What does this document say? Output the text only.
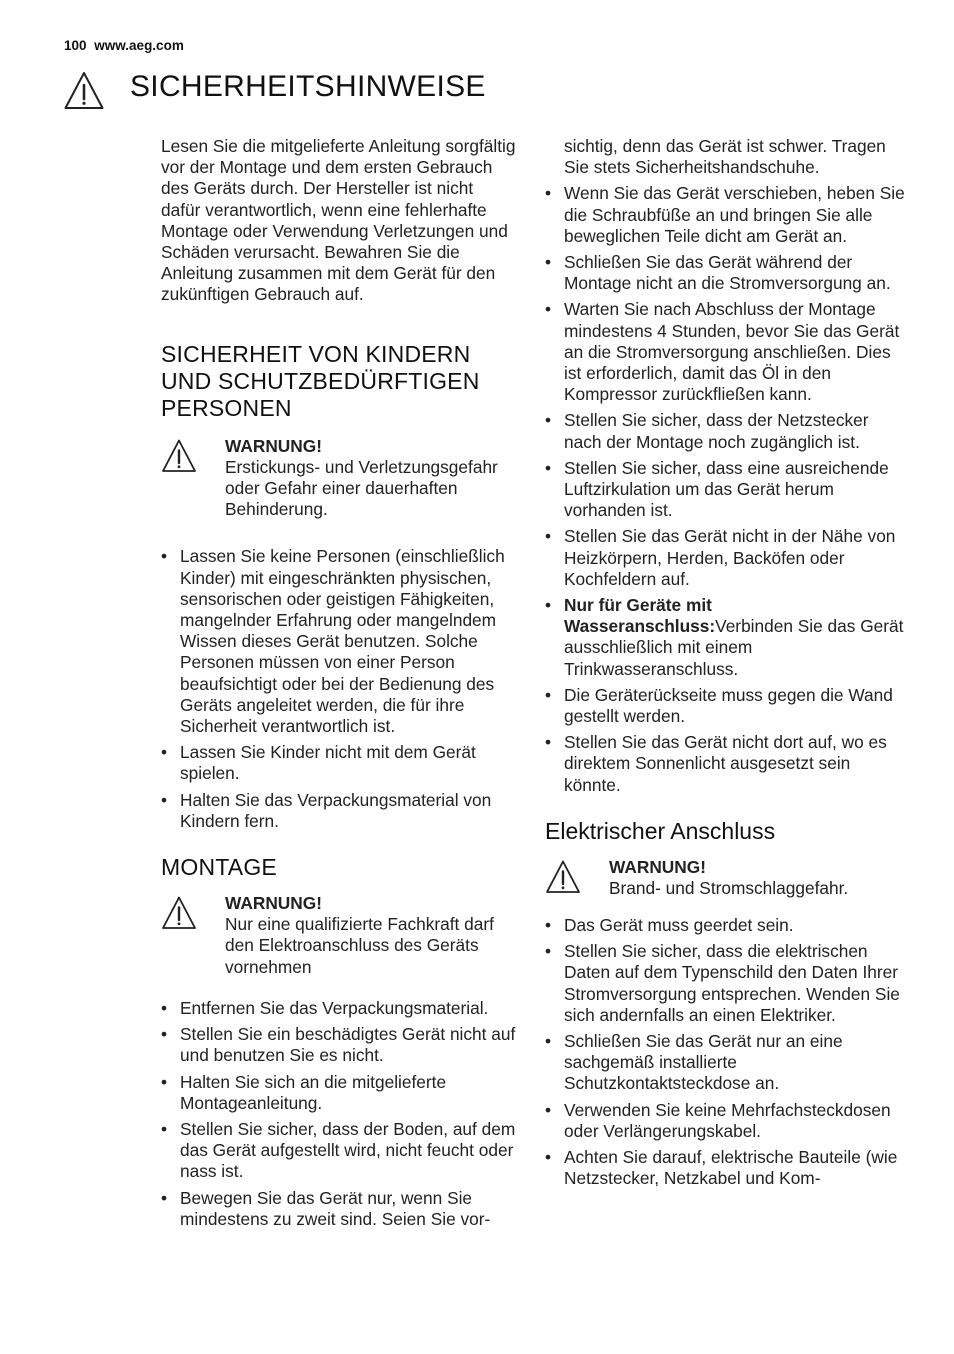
100 www.aeg.com
SICHERHEITSHINWEISE

Lesen Sie die mitgelieferte Anleitung sorgfältig vor der Montage und dem ersten Gebrauch des Geräts durch. Der Hersteller ist nicht dafür verantwortlich, wenn eine fehlerhafte Montage oder Verwendung Verletzungen und Schäden verursacht. Bewahren Sie die Anleitung zusammen mit dem Gerät für den zukünftigen Gebrauch auf.

SICHERHEIT VON KINDERN UND SCHUTZBEDÜRFTIGEN PERSONEN
WARNUNG!
Erstickungs- und Verletzungsgefahr oder Gefahr einer dauerhaften Behinderung.
• Lassen Sie keine Personen (einschließlich Kinder) mit eingeschränkten physischen, sensorischen oder geistigen Fähigkeiten, mangelnder Erfahrung oder mangelndem Wissen dieses Gerät benutzen. Solche Personen müssen von einer Person beaufsichtigt oder bei der Bedienung des Geräts angeleitet werden, die für ihre Sicherheit verantwortlich ist.
• Lassen Sie Kinder nicht mit dem Gerät spielen.
• Halten Sie das Verpackungsmaterial von Kindern fern.
MONTAGE
WARNUNG!
Nur eine qualifizierte Fachkraft darf den Elektroanschluss des Geräts vornehmen
• Entfernen Sie das Verpackungsmaterial.
• Stellen Sie ein beschädigtes Gerät nicht auf und benutzen Sie es nicht.
• Halten Sie sich an die mitgelieferte Montageanleitung.
• Stellen Sie sicher, dass der Boden, auf dem das Gerät aufgestellt wird, nicht feucht oder nass ist.
• Bewegen Sie das Gerät nur, wenn Sie mindestens zu zweit sind. Seien Sie vor-

sichtig, denn das Gerät ist schwer. Tragen Sie stets Sicherheitshandschuhe.

• Wenn Sie das Gerät verschieben, heben Sie die Schraubfüße an und bringen Sie alle beweglichen Teile dicht am Gerät an.
• Schließen Sie das Gerät während der Montage nicht an die Stromversorgung an.
• Warten Sie nach Abschluss der Montage mindestens 4 Stunden, bevor Sie das Gerät an die Stromversorgung anschließen. Dies ist erforderlich, damit das Öl in den Kompressor zurückfließen kann.
• Stellen Sie sicher, dass der Netzstecker nach der Montage noch zugänglich ist.
• Stellen Sie sicher, dass eine ausreichende Luftzirkulation um das Gerät herum vorhanden ist.
• Stellen Sie das Gerät nicht in der Nähe von Heizkörpern, Herden, Backöfen oder Kochfeldern auf.
• Nur für Geräte mit Wasseranschluss:Verbinden Sie das Gerät ausschließlich mit einem Trinkwasseranschluss.
• Die Geräterückseite muss gegen die Wand gestellt werden.
• Stellen Sie das Gerät nicht dort auf, wo es direktem Sonnenlicht ausgesetzt sein könnte.
Elektrischer Anschluss
WARNUNG!
Brand- und Stromschlaggefahr.
• Das Gerät muss geerdet sein.
• Stellen Sie sicher, dass die elektrischen Daten auf dem Typenschild den Daten Ihrer Stromversorgung entsprechen. Wenden Sie sich andernfalls an einen Elektriker.
• Schließen Sie das Gerät nur an eine sachgemäß installierte Schutzkontaktsteckdose an.
• Verwenden Sie keine Mehrfachsteckdosen oder Verlängerungskabel.
• Achten Sie darauf, elektrische Bauteile (wie Netzstecker, Netzkabel und Kom-
